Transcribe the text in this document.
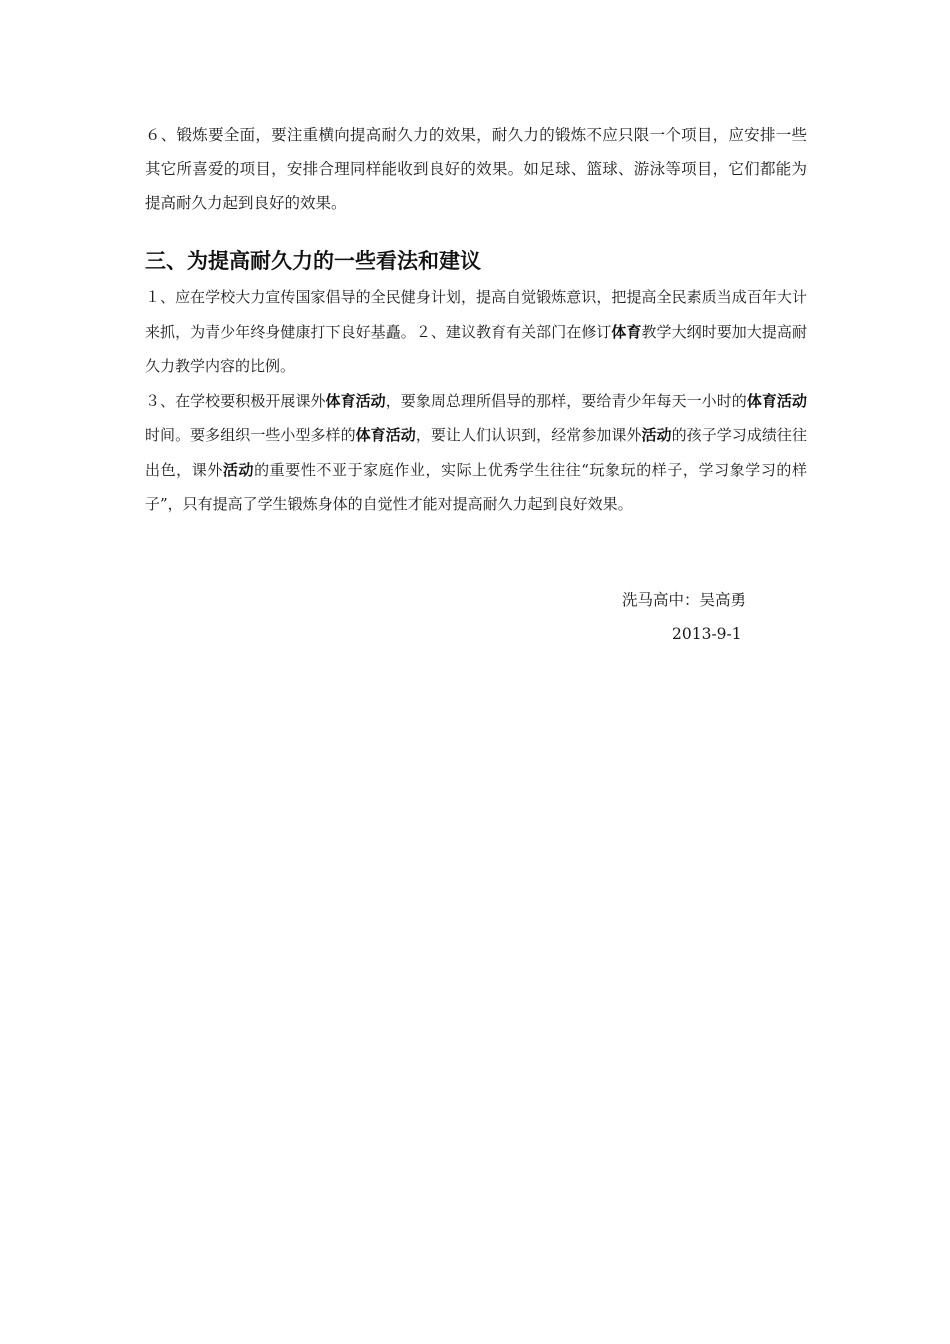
６、锻炼要全面，要注重横向提高耐久力的效果，耐久力的锻炼不应只限一个项目，应安排一些其它所喜爱的项目，安排合理同样能收到良好的效果。如足球、篮球、游泳等项目，它们都能为提高耐久力起到良好的效果。

三、为提高耐久力的一些看法和建议

１、应在学校大力宣传国家倡导的全民健身计划，提高自觉锻炼意识，把提高全民素质当成百年大计来抓，为青少年终身健康打下良好基矗。２、建议教育有关部门在修订体育教学大纲时要加大提高耐久力教学内容的比例。

３、在学校要积极开展课外体育活动，要象周总理所倡导的那样，要给青少年每天一小时的体育活动时间。要多组织一些小型多样的体育活动，要让人们认识到，经常参加课外活动的孩子学习成绩往往出色，课外活动的重要性不亚于家庭作业，实际上优秀学生往往“玩象玩的样子，学习象学习的样子”，只有提高了学生锻炼身体的自觉性才能对提高耐久力起到良好效果。

洗马高中：吴高勇
2013-9-1
